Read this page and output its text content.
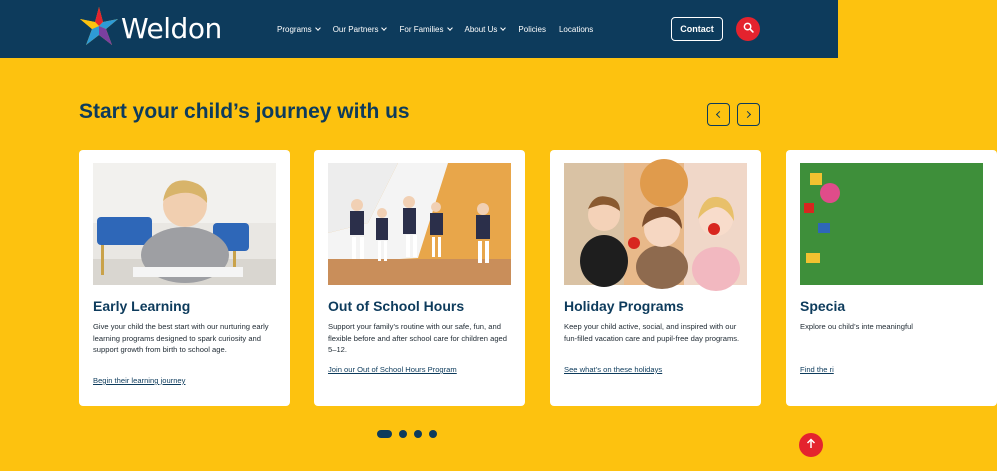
Weldon	Programs	Our Partners	For Families	About Us	Policies Locations	Contact
Start your child’s journey with us
Early Learning
Give your child the best start with our nurturing early learning programs designed to spark curiosity and support growth from birth to school age.
Begin their learning journey
Out of School Hours
Support your family’s routine with our safe, fun, and flexible before and after school care for children aged 5–12.
Join our Out of School Hours Program
Holiday Programs
Keep your child active, social, and inspired with our fun-filled vacation care and pupil-free day programs.
See what’s on these holidays
Specia
Explore ou child’s inte meaningful
Find the ri
